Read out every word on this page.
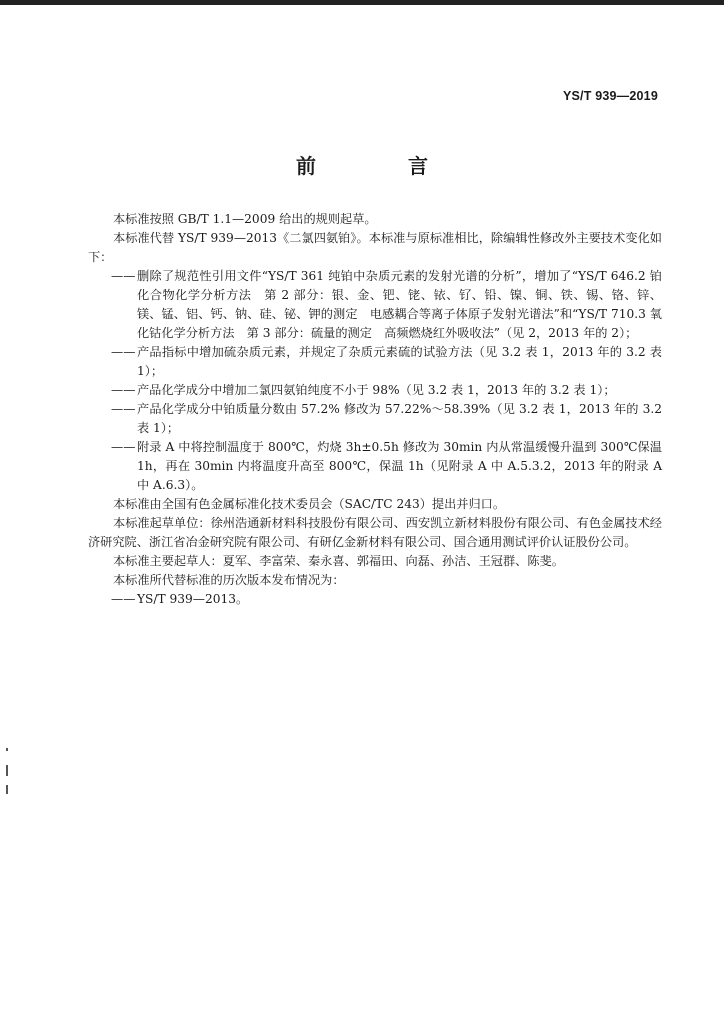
YS/T 939—2019
前　言

本标准按照 GB/T 1.1—2009 给出的规则起草。

本标准代替 YS/T 939—2013《二氯四氨铂》。本标准与原标准相比，除编辑性修改外主要技术变化如下：

—— 删除了规范性引用文件“YS/T 361 纯铂中杂质元素的发射光谱的分析”，增加了“YS/T 646.2 铂化合物化学分析方法　第 2 部分：银、金、钯、铑、铱、钌、铅、镍、铜、铁、锡、铬、锌、镁、锰、铝、钙、钠、硅、铋、钾的测定　电感耦合等离子体原子发射光谱法”和“YS/T 710.3 氧化钴化学分析方法　第 3 部分：硫量的测定　高频燃烧红外吸收法”（见 2，2013 年的 2）；

—— 产品指标中增加硫杂质元素，并规定了杂质元素硫的试验方法（见 3.2 表 1，2013 年的 3.2 表 1）；

—— 产品化学成分中增加二氯四氨铂纯度不小于 98%（见 3.2 表 1，2013 年的 3.2 表 1）；

—— 产品化学成分中铂质量分数由 57.2% 修改为 57.22%～58.39%（见 3.2 表 1，2013 年的 3.2 表 1）；

—— 附录 A 中将控制温度于 800℃，灼烧 3h±0.5h 修改为 30min 内从常温缓慢升温到 300℃保温 1h，再在 30min 内将温度升高至 800℃，保温 1h（见附录 A 中 A.5.3.2，2013 年的附录 A 中 A.6.3）。

本标准由全国有色金属标准化技术委员会（SAC/TC 243）提出并归口。

本标准起草单位：徐州浩通新材料科技股份有限公司、西安凯立新材料股份有限公司、有色金属技术经济研究院、浙江省冶金研究院有限公司、有研亿金新材料有限公司、国合通用测试评价认证股份公司。

本标准主要起草人：夏军、李富荣、秦永喜、郭福田、向磊、孙洁、王冠群、陈斐。

本标准所代替标准的历次版本发布情况为：

—— YS/T 939—2013。
